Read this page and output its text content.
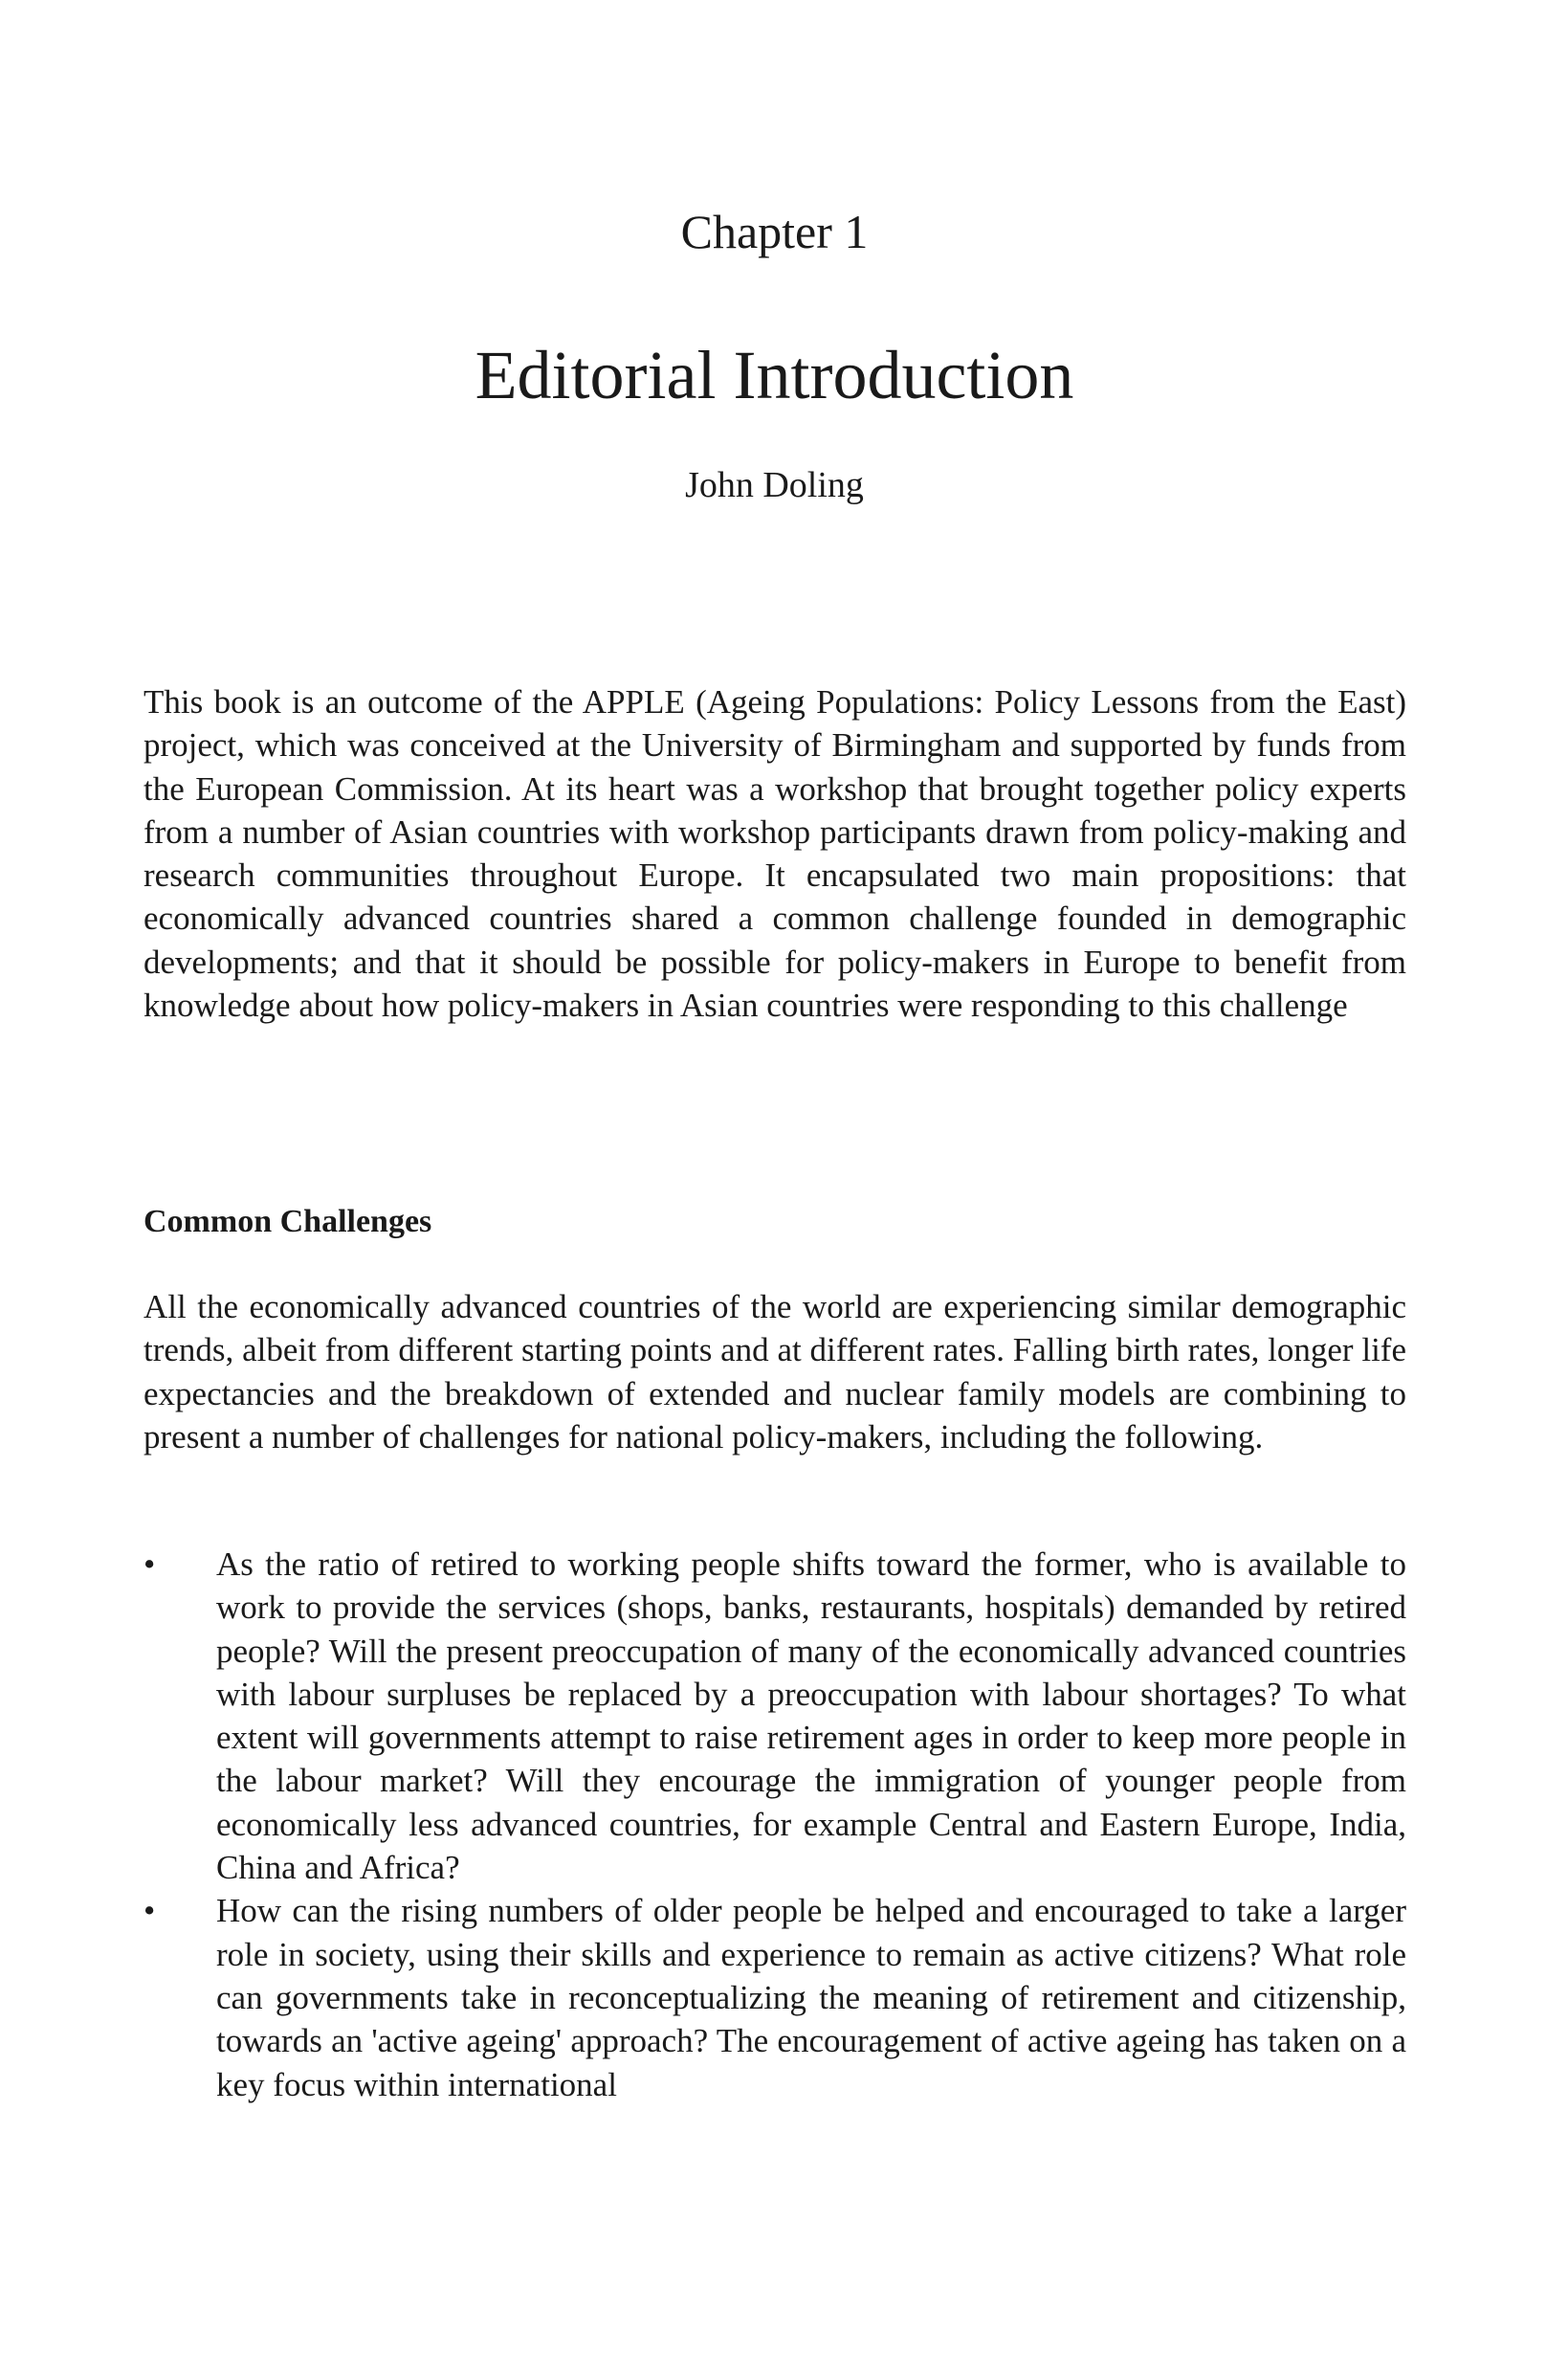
Chapter 1
Editorial Introduction
John Doling

This book is an outcome of the APPLE (Ageing Populations: Policy Lessons from the East) project, which was conceived at the University of Birmingham and supported by funds from the European Commission. At its heart was a workshop that brought together policy experts from a number of Asian countries with workshop participants drawn from policy-making and research communities throughout Europe. It encapsulated two main propositions: that economically advanced countries shared a common challenge founded in demographic developments; and that it should be possible for policy-makers in Europe to benefit from knowledge about how policy-makers in Asian countries were responding to this challenge

Common Challenges

All the economically advanced countries of the world are experiencing similar demographic trends, albeit from different starting points and at different rates. Falling birth rates, longer life expectancies and the breakdown of extended and nuclear family models are combining to present a number of challenges for national policy-makers, including the following.

• As the ratio of retired to working people shifts toward the former, who is available to work to provide the services (shops, banks, restaurants, hospitals) demanded by retired people? Will the present preoccupation of many of the economically advanced countries with labour surpluses be replaced by a preoccupation with labour shortages? To what extent will governments attempt to raise retirement ages in order to keep more people in the labour market? Will they encourage the immigration of younger people from economically less advanced countries, for example Central and Eastern Europe, India, China and Africa?
• How can the rising numbers of older people be helped and encouraged to take a larger role in society, using their skills and experience to remain as active citizens? What role can governments take in reconceptualizing the meaning of retirement and citizenship, towards an 'active ageing' approach? The encouragement of active ageing has taken on a key focus within international
